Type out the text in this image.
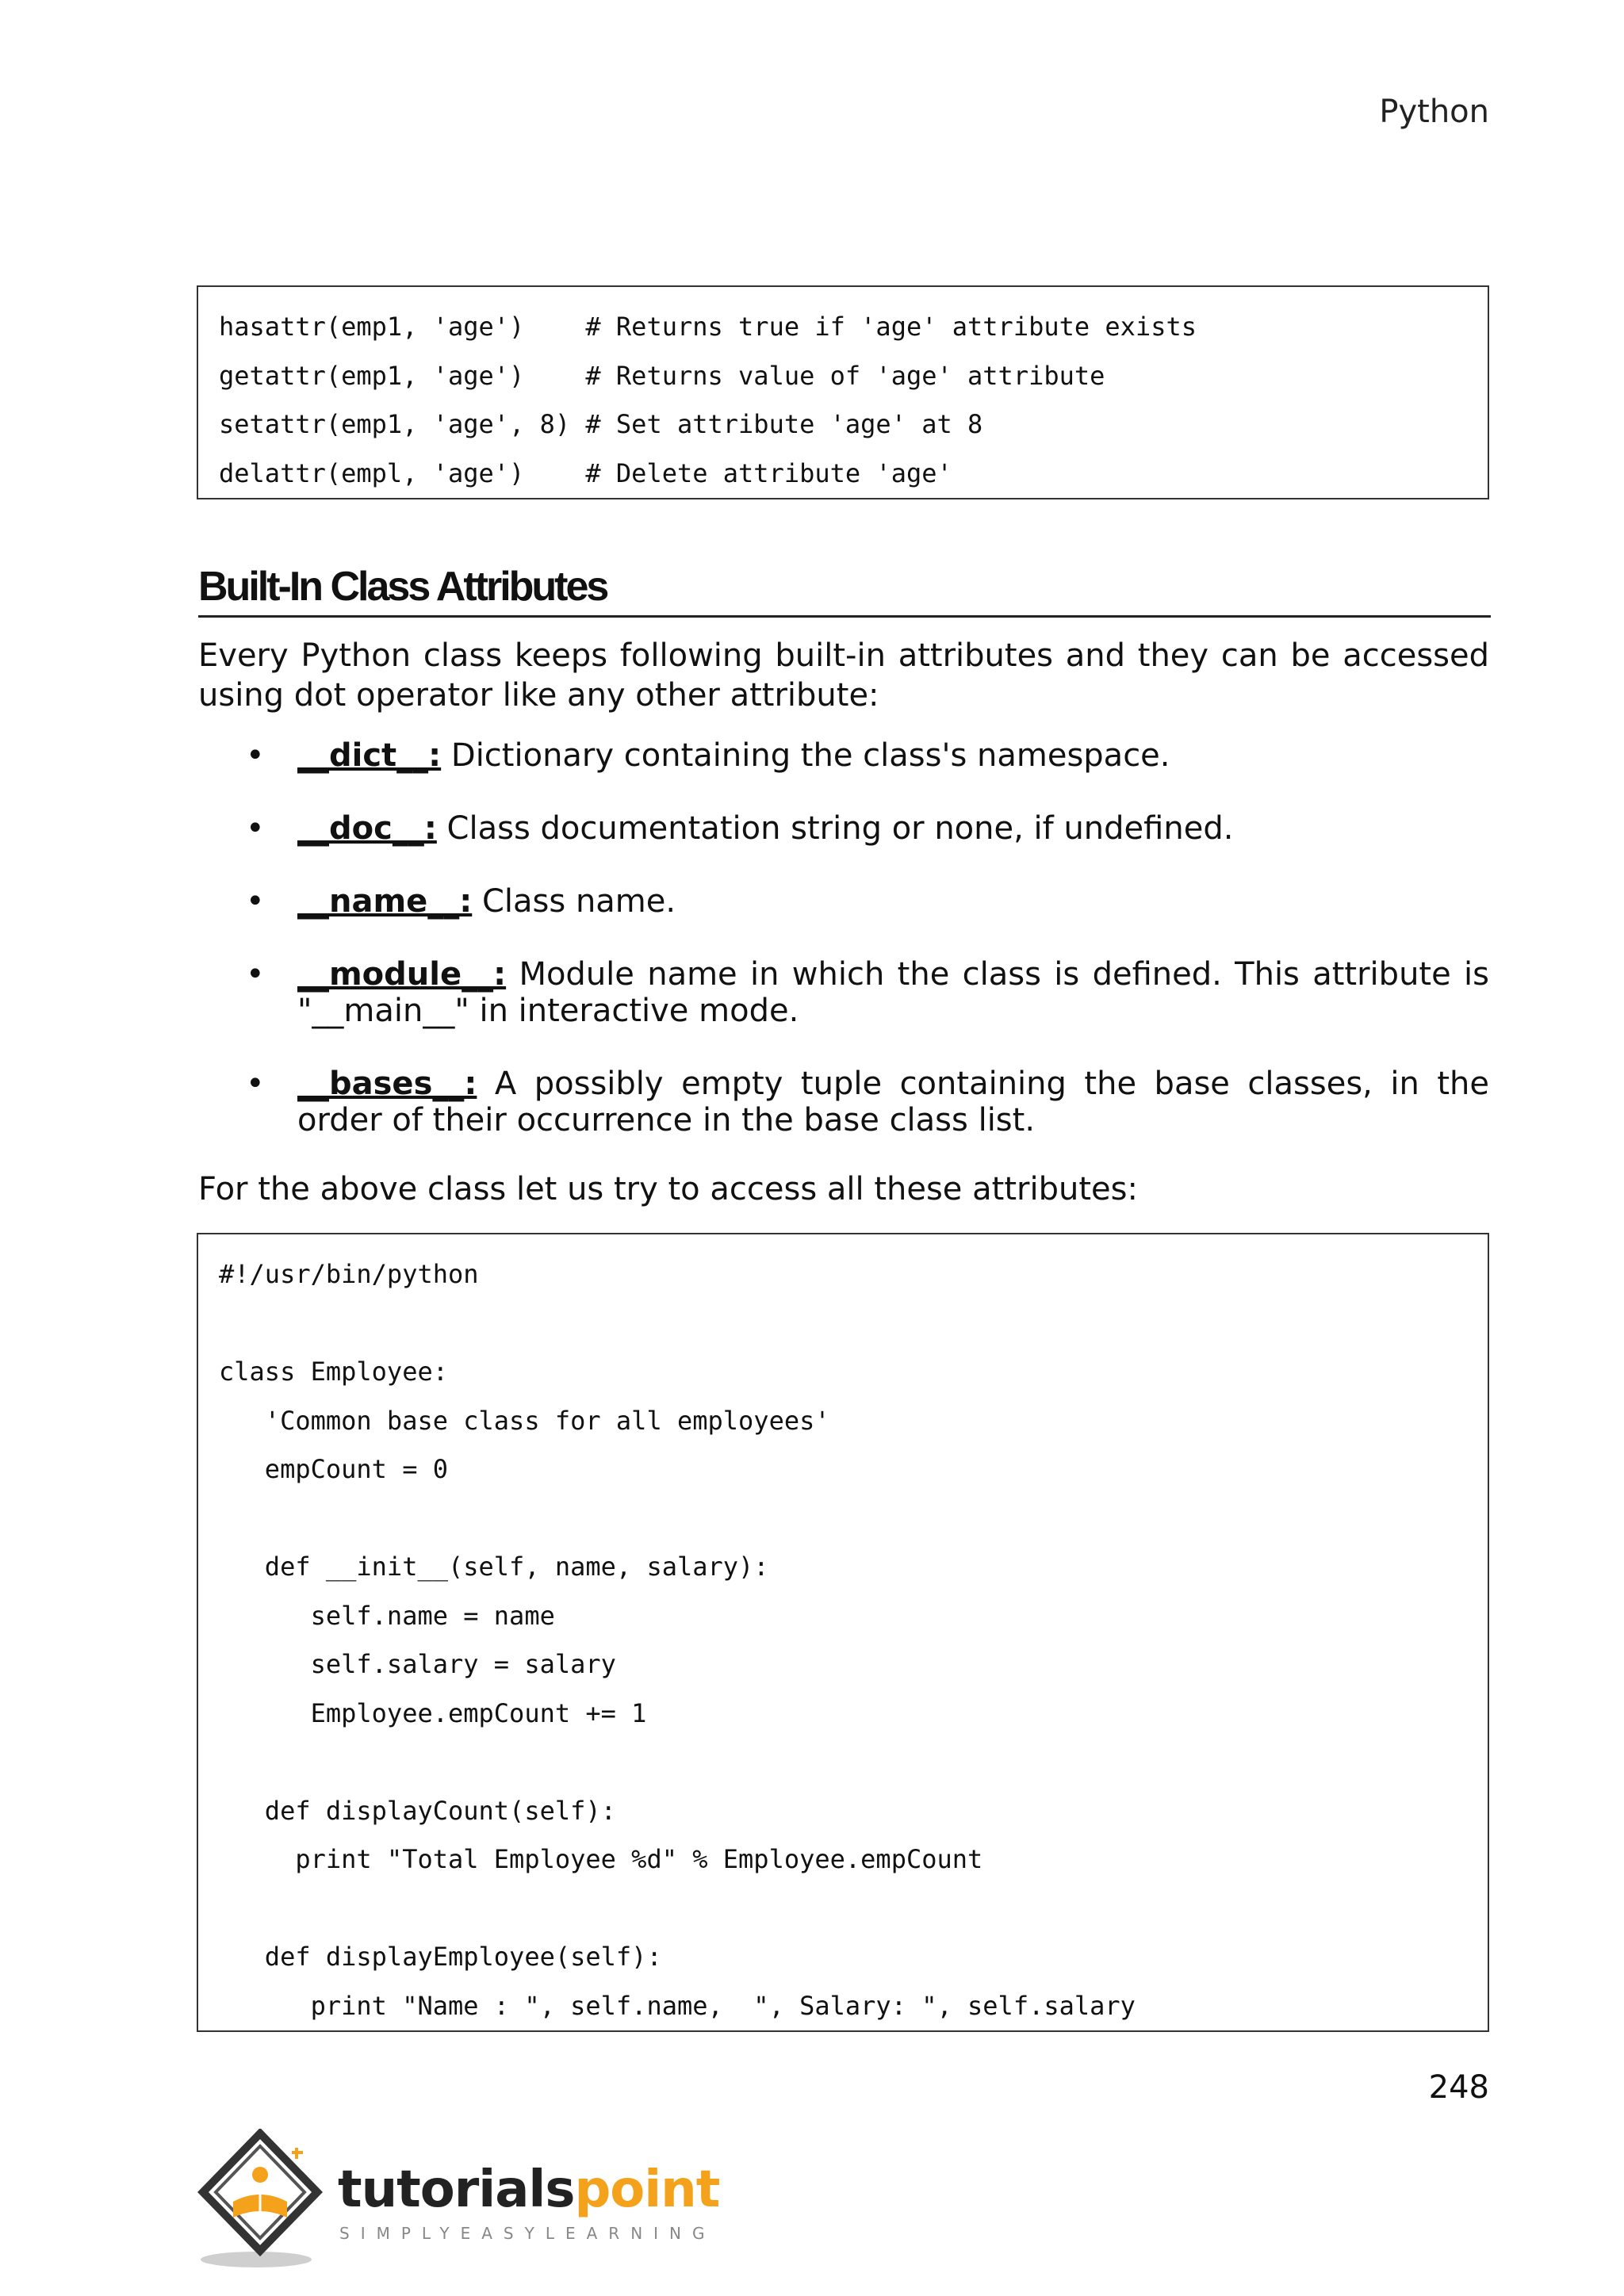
Python
hasattr(emp1, 'age')    # Returns true if 'age' attribute exists
getattr(emp1, 'age')    # Returns value of 'age' attribute
setattr(emp1, 'age', 8) # Set attribute 'age' at 8
delattr(empl, 'age')    # Delete attribute 'age'
Built-In Class Attributes
Every Python class keeps following built-in attributes and they can be accessed using dot operator like any other attribute:
• __dict__: Dictionary containing the class's namespace.
• __doc__: Class documentation string or none, if undefined.
• __name__: Class name.
• __module__: Module name in which the class is defined. This attribute is "__main__" in interactive mode.
• __bases__: A possibly empty tuple containing the base classes, in the order of their occurrence in the base class list.
For the above class let us try to access all these attributes:
#!/usr/bin/python
class Employee:
'Common base class for all employees'
empCount = 0
def __init__(self, name, salary):
self.name = name
self.salary = salary
Employee.empCount += 1
def displayCount(self):
print "Total Employee %d" % Employee.empCount
def displayEmployee(self):
print "Name : ", self.name,  ", Salary: ", self.salary
248
tutorialspoint
SIMPLYEASYLEARNING
